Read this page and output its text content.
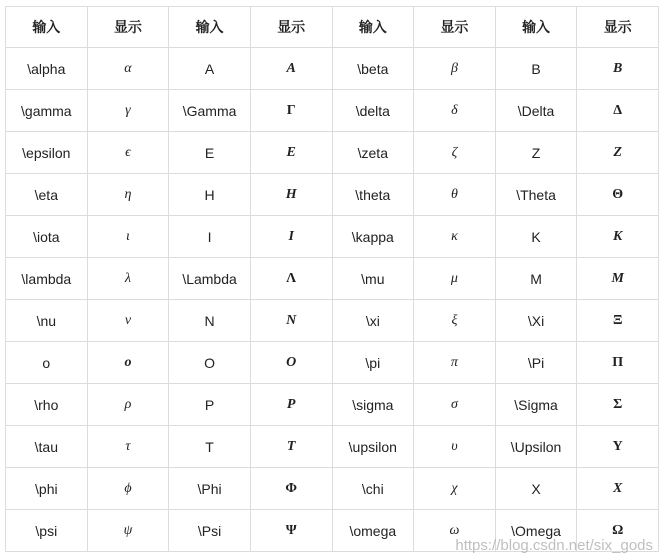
输入	显示	输入	显示	输入	显示	输入	显示
\alpha	α	A	A	\beta	β	B	B
\gamma	γ	\Gamma	Γ	\delta	δ	\Delta	Δ
\epsilon	ϵ	E	E	\zeta	ζ	Z	Z
\eta	η	H	H	\theta	θ	\Theta	Θ
\iota	ι	I	I	\kappa	κ	K	K
\lambda	λ	\Lambda	Λ	\mu	μ	M	M
\nu	ν	N	N	\xi	ξ	\Xi	Ξ
o	o	O	O	\pi	π	\Pi	Π
\rho	ρ	P	P	\sigma	σ	\Sigma	Σ
\tau	τ	T	T	\upsilon	υ	\Upsilon	Υ
\phi	ϕ	\Phi	Φ	\chi	χ	X	X
\psi	ψ	\Psi	Ψ	\omega	ω	\Omega	Ω
https://blog.csdn.net/six_gods
